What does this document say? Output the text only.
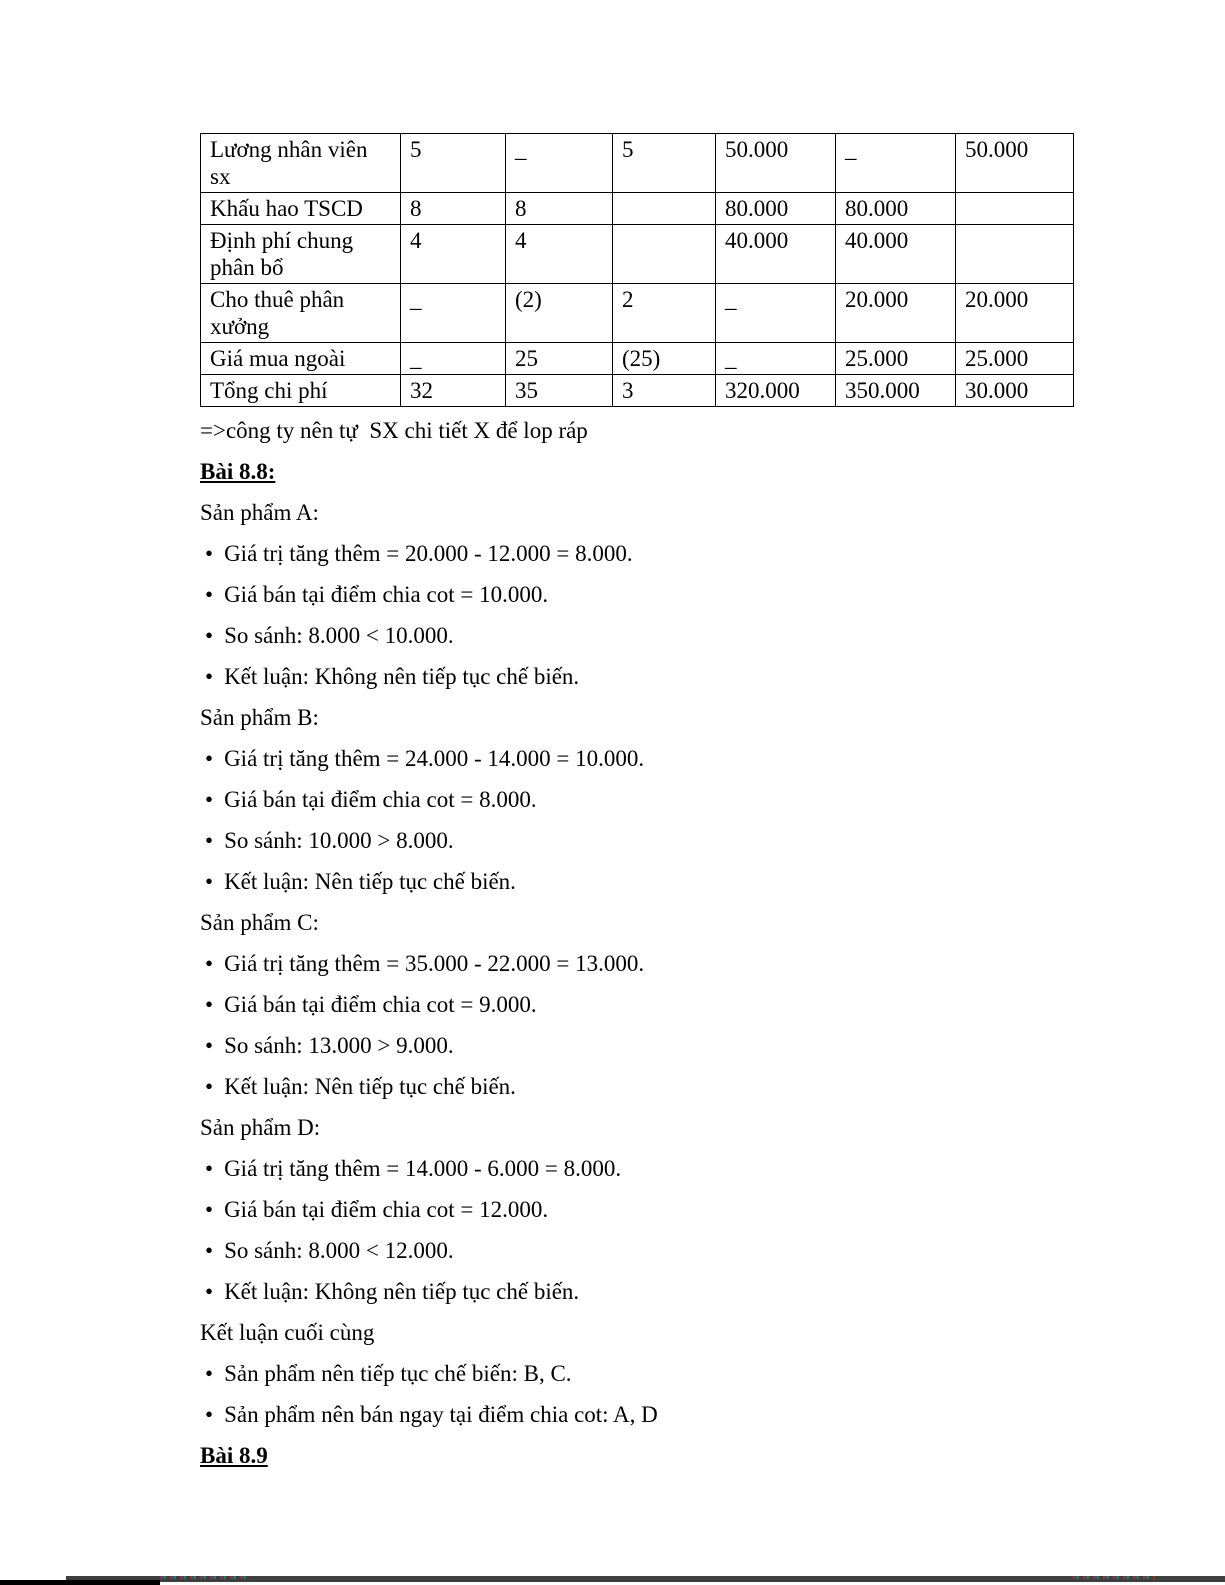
Lương nhân viên sx	5	_	5	50.000	_	50.000
Khấu hao TSCD	8	8		80.000	80.000	
Định phí chung phân bổ	4	4		40.000	40.000	
Cho thuê phân xưởng	_	(2)	2	_	20.000	20.000
Giá mua ngoài	_	25	(25)	_	25.000	25.000
Tổng chi phí	32	35	3	320.000	350.000	30.000
=>công ty nên tự  SX chi tiết X để lop ráp
Bài 8.8:
Sản phẩm A:
• Giá trị tăng thêm = 20.000 - 12.000 = 8.000.
• Giá bán tại điểm chia cot = 10.000.
• So sánh: 8.000 < 10.000.
• Kết luận: Không nên tiếp tục chế biến.
Sản phẩm B:
• Giá trị tăng thêm = 24.000 - 14.000 = 10.000.
• Giá bán tại điểm chia cot = 8.000.
• So sánh: 10.000 > 8.000.
• Kết luận: Nên tiếp tục chế biến.
Sản phẩm C:
• Giá trị tăng thêm = 35.000 - 22.000 = 13.000.
• Giá bán tại điểm chia cot = 9.000.
• So sánh: 13.000 > 9.000.
• Kết luận: Nên tiếp tục chế biến.
Sản phẩm D:
• Giá trị tăng thêm = 14.000 - 6.000 = 8.000.
• Giá bán tại điểm chia cot = 12.000.
• So sánh: 8.000 < 12.000.
• Kết luận: Không nên tiếp tục chế biến.
Kết luận cuối cùng
• Sản phẩm nên tiếp tục chế biến: B, C.
• Sản phẩm nên bán ngay tại điểm chia cot: A, D
Bài 8.9
